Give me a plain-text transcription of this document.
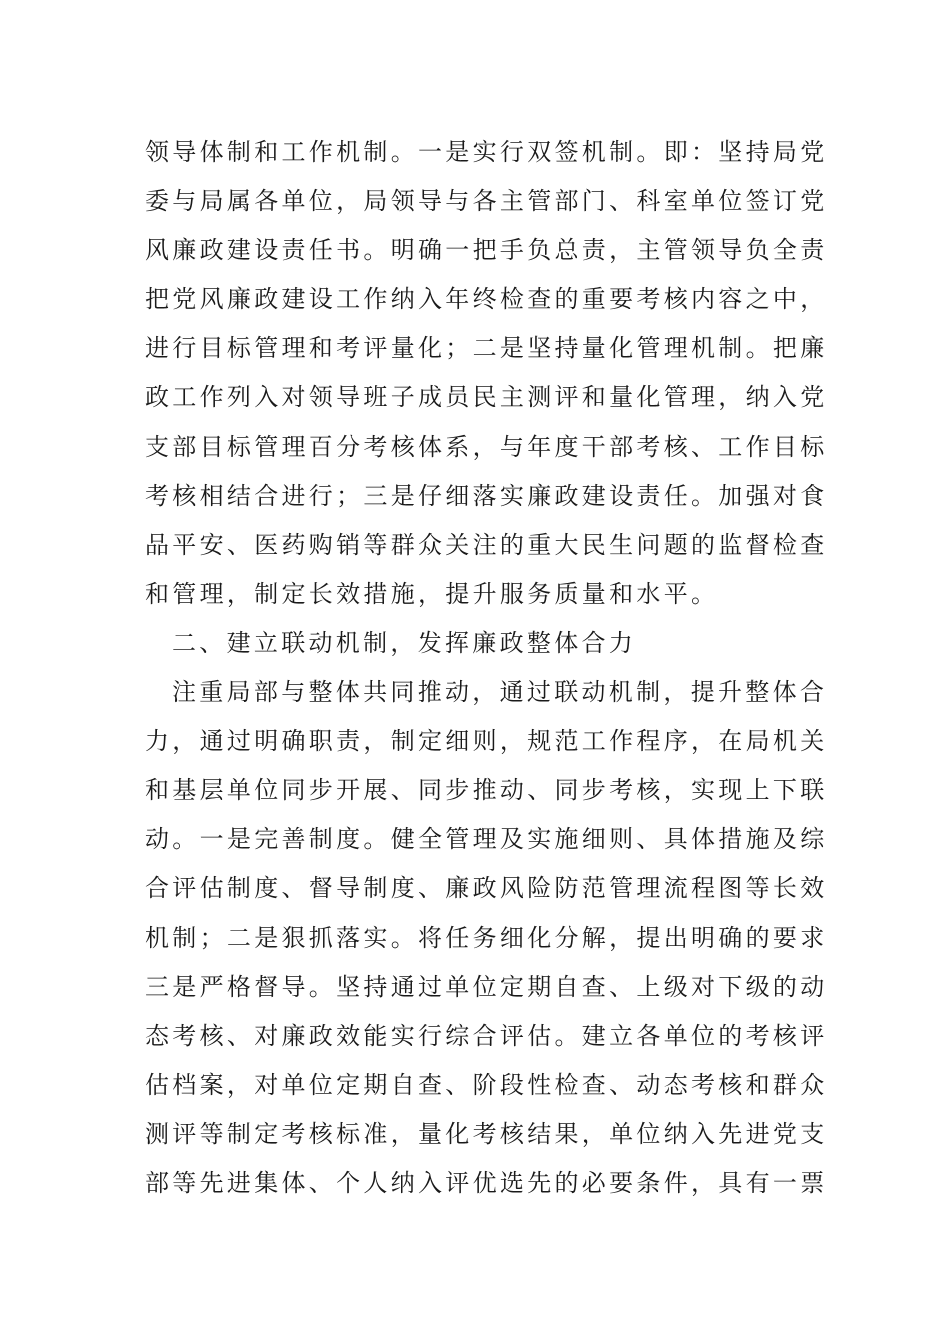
领导体制和工作机制。一是实行双签机制。即：坚持局党
委与局属各单位，局领导与各主管部门、科室单位签订党
风廉政建设责任书。明确一把手负总责，主管领导负全责
把党风廉政建设工作纳入年终检查的重要考核内容之中，
进行目标管理和考评量化；二是坚持量化管理机制。把廉
政工作列入对领导班子成员民主测评和量化管理，纳入党
支部目标管理百分考核体系，与年度干部考核、工作目标
考核相结合进行；三是仔细落实廉政建设责任。加强对食
品平安、医药购销等群众关注的重大民生问题的监督检查
和管理，制定长效措施，提升服务质量和水平。
二、建立联动机制，发挥廉政整体合力
注重局部与整体共同推动，通过联动机制，提升整体合
力，通过明确职责，制定细则，规范工作程序，在局机关
和基层单位同步开展、同步推动、同步考核，实现上下联
动。一是完善制度。健全管理及实施细则、具体措施及综
合评估制度、督导制度、廉政风险防范管理流程图等长效
机制；二是狠抓落实。将任务细化分解，提出明确的要求
三是严格督导。坚持通过单位定期自查、上级对下级的动
态考核、对廉政效能实行综合评估。建立各单位的考核评
估档案，对单位定期自查、阶段性检查、动态考核和群众
测评等制定考核标准，量化考核结果，单位纳入先进党支
部等先进集体、个人纳入评优选先的必要条件，具有一票
